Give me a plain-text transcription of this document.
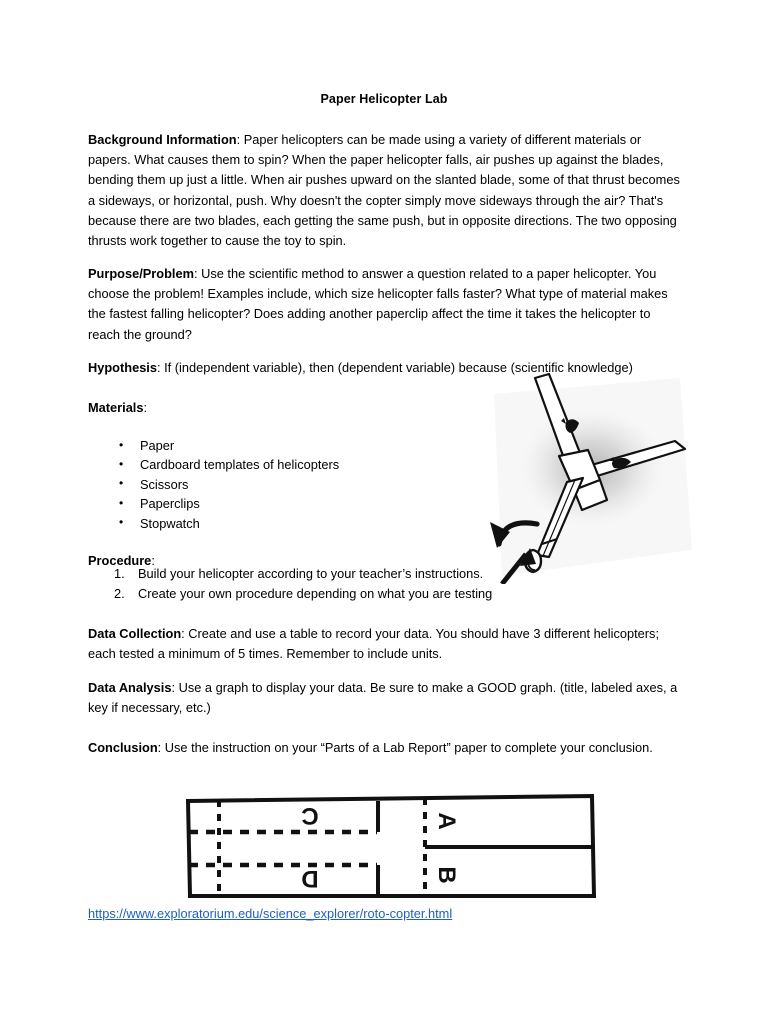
Paper Helicopter Lab
Background Information: Paper helicopters can be made using a variety of different materials or papers. What causes them to spin? When the paper helicopter falls, air pushes up against the blades, bending them up just a little. When air pushes upward on the slanted blade, some of that thrust becomes a sideways, or horizontal, push. Why doesn't the copter simply move sideways through the air? That's because there are two blades, each getting the same push, but in opposite directions. The two opposing thrusts work together to cause the toy to spin.
Purpose/Problem: Use the scientific method to answer a question related to a paper helicopter. You choose the problem! Examples include, which size helicopter falls faster? What type of material makes the fastest falling helicopter? Does adding another paperclip affect the time it takes the helicopter to reach the ground?
Hypothesis: If (independent variable), then (dependent variable) because (scientific knowledge)
Materials:
• Paper
• Cardboard templates of helicopters
• Scissors
• Paperclips
• Stopwatch
Procedure:
1. Build your helicopter according to your teacher’s instructions.
2. Create your own procedure depending on what you are testing
Data Collection: Create and use a table to record your data. You should have 3 different helicopters; each tested a minimum of 5 times. Remember to include units.
Data Analysis: Use a graph to display your data. Be sure to make a GOOD graph. (title, labeled axes, a key if necessary, etc.)
Conclusion: Use the instruction on your “Parts of a Lab Report” paper to complete your conclusion.
C
D
A
B
https://www.exploratorium.edu/science_explorer/roto-copter.html
